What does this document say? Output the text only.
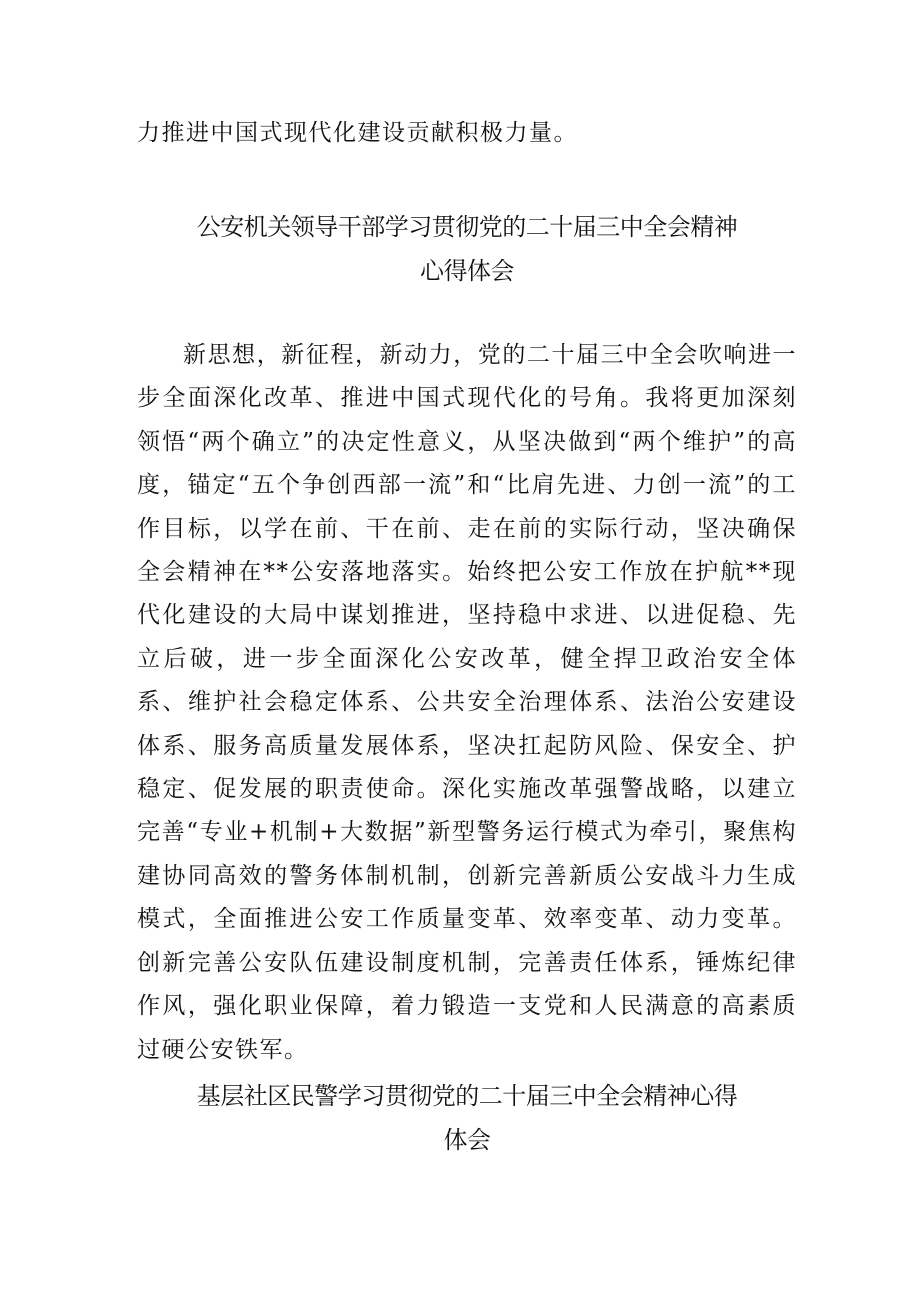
力推进中国式现代化建设贡献积极力量。

公安机关领导干部学习贯彻党的二十届三中全会精神
心得体会

新思想，新征程，新动力，党的二十届三中全会吹响进一步全面深化改革、推进中国式现代化的号角。我将更加深刻领悟“两个确立”的决定性意义，从坚决做到“两个维护”的高度，锚定“五个争创西部一流”和“比肩先进、力创一流”的工作目标，以学在前、干在前、走在前的实际行动，坚决确保全会精神在**公安落地落实。始终把公安工作放在护航**现代化建设的大局中谋划推进，坚持稳中求进、以进促稳、先立后破，进一步全面深化公安改革，健全捍卫政治安全体系、维护社会稳定体系、公共安全治理体系、法治公安建设体系、服务高质量发展体系，坚决扛起防风险、保安全、护稳定、促发展的职责使命。深化实施改革强警战略，以建立完善“专业+机制+大数据”新型警务运行模式为牵引，聚焦构建协同高效的警务体制机制，创新完善新质公安战斗力生成模式，全面推进公安工作质量变革、效率变革、动力变革。创新完善公安队伍建设制度机制，完善责任体系，锤炼纪律作风，强化职业保障，着力锻造一支党和人民满意的高素质过硬公安铁军。

基层社区民警学习贯彻党的二十届三中全会精神心得
体会
